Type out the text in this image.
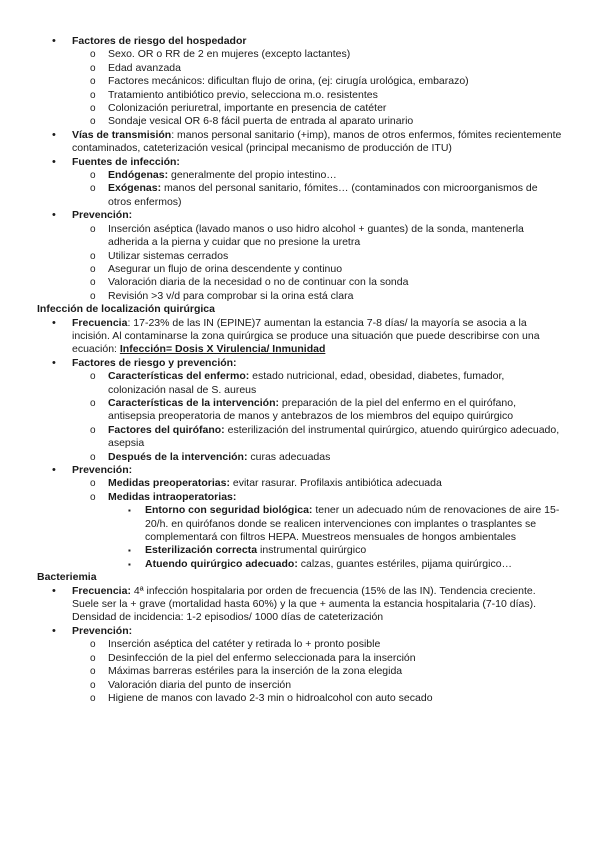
• Factores de riesgo del hospedador
o Sexo. OR o RR de 2 en mujeres (excepto lactantes)
o Edad avanzada
o Factores mecánicos: dificultan flujo de orina, (ej: cirugía urológica, embarazo)
o Tratamiento antibiótico previo, selecciona m.o. resistentes
o Colonización periuretral, importante en presencia de catéter
o Sondaje vesical OR 6-8 fácil puerta de entrada al aparato urinario
• Vías de transmisión: manos personal sanitario (+imp), manos de otros enfermos, fómites recientemente contaminados, cateterización vesical (principal mecanismo de producción de ITU)
• Fuentes de infección:
o Endógenas: generalmente del propio intestino…
o Exógenas: manos del personal sanitario, fómites… (contaminados con microorganismos de otros enfermos)
• Prevención:
o Inserción aséptica (lavado manos o uso hidro alcohol + guantes) de la sonda, mantenerla adherida a la pierna y cuidar que no presione la uretra
o Utilizar sistemas cerrados
o Asegurar un flujo de orina descendente y continuo
o Valoración diaria de la necesidad o no de continuar con la sonda
o Revisión >3 v/d para comprobar si la orina está clara
Infección de localización quirúrgica
• Frecuencia: 17-23% de las IN (EPINE)7 aumentan la estancia 7-8 días/ la mayoría se asocia a la incisión. Al contaminarse la zona quirúrgica se produce una situación que puede describirse con una ecuación: Infección= Dosis X Virulencia/ Inmunidad
• Factores de riesgo y prevención:
o Características del enfermo: estado nutricional, edad, obesidad, diabetes, fumador, colonización nasal de S. aureus
o Características de la intervención: preparación de la piel del enfermo en el quirófano, antisepsia preoperatoria de manos y antebrazos de los miembros del equipo quirúrgico
o Factores del quirófano: esterilización del instrumental quirúrgico, atuendo quirúrgico adecuado, asepsia
o Después de la intervención: curas adecuadas
• Prevención:
o Medidas preoperatorias: evitar rasurar. Profilaxis antibiótica adecuada
o Medidas intraoperatorias:
▪ Entorno con seguridad biológica: tener un adecuado núm de renovaciones de aire 15-20/h. en quirófanos donde se realicen intervenciones con implantes o trasplantes se complementará con filtros HEPA. Muestreos mensuales de hongos ambientales
▪ Esterilización correcta instrumental quirúrgico
▪ Atuendo quirúrgico adecuado: calzas, guantes estériles, pijama quirúrgico…
Bacteriemia
• Frecuencia: 4ª infección hospitalaria por orden de frecuencia (15% de las IN). Tendencia creciente. Suele ser la + grave (mortalidad hasta 60%) y la que + aumenta la estancia hospitalaria (7-10 días). Densidad de incidencia: 1-2 episodios/ 1000 días de cateterización
• Prevención:
o Inserción aséptica del catéter y retirada lo + pronto posible
o Desinfección de la piel del enfermo seleccionada para la inserción
o Máximas barreras estériles para la inserción de la zona elegida
o Valoración diaria del punto de inserción
o Higiene de manos con lavado 2-3 min o hidroalcohol con auto secado
